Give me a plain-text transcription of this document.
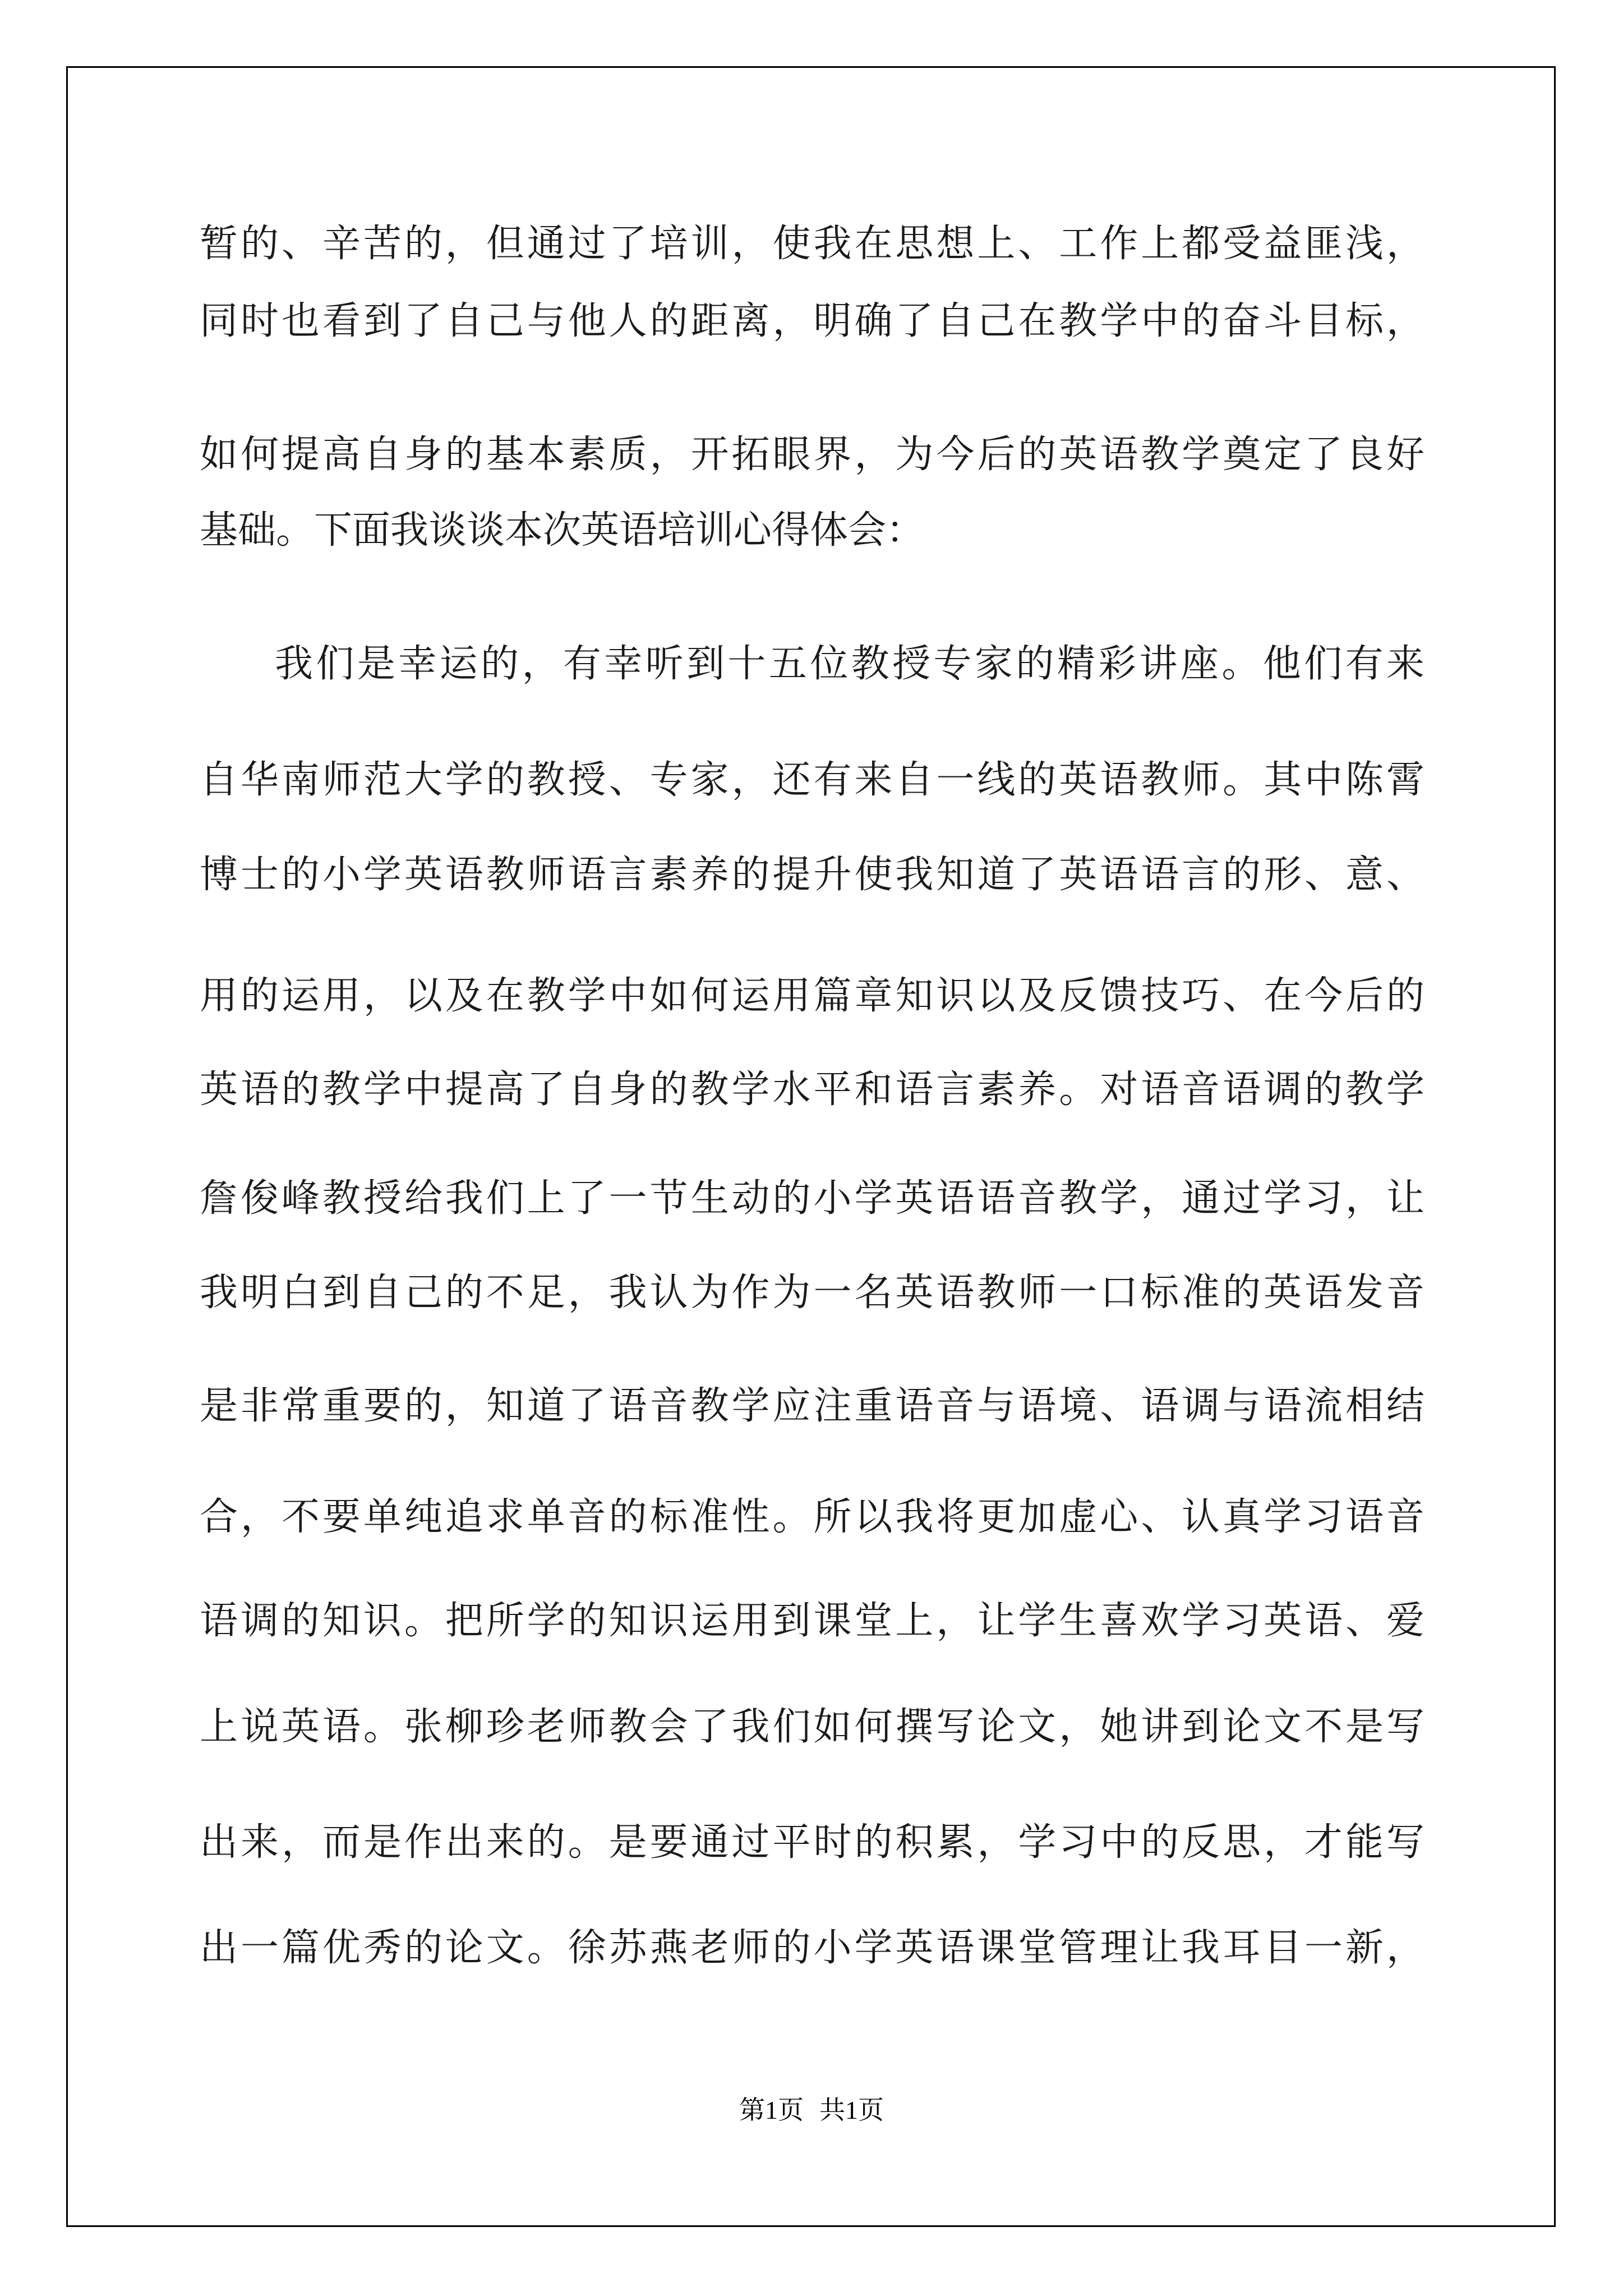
暂的、辛苦的，但通过了培训，使我在思想上、工作上都受益匪浅，
同时也看到了自己与他人的距离，明确了自己在教学中的奋斗目标，
如何提高自身的基本素质，开拓眼界，为今后的英语教学奠定了良好
基础。下面我谈谈本次英语培训心得体会：
我们是幸运的，有幸听到十五位教授专家的精彩讲座。他们有来
自华南师范大学的教授、专家，还有来自一线的英语教师。其中陈霄
博士的小学英语教师语言素养的提升使我知道了英语语言的形、意、
用的运用，以及在教学中如何运用篇章知识以及反馈技巧、在今后的
英语的教学中提高了自身的教学水平和语言素养。对语音语调的教学
詹俊峰教授给我们上了一节生动的小学英语语音教学，通过学习，让
我明白到自己的不足，我认为作为一名英语教师一口标准的英语发音
是非常重要的，知道了语音教学应注重语音与语境、语调与语流相结
合，不要单纯追求单音的标准性。所以我将更加虚心、认真学习语音
语调的知识。把所学的知识运用到课堂上，让学生喜欢学习英语、爱
上说英语。张柳珍老师教会了我们如何撰写论文，她讲到论文不是写
出来，而是作出来的。是要通过平时的积累，学习中的反思，才能写
出一篇优秀的论文。徐苏燕老师的小学英语课堂管理让我耳目一新，
第1页 共1页
